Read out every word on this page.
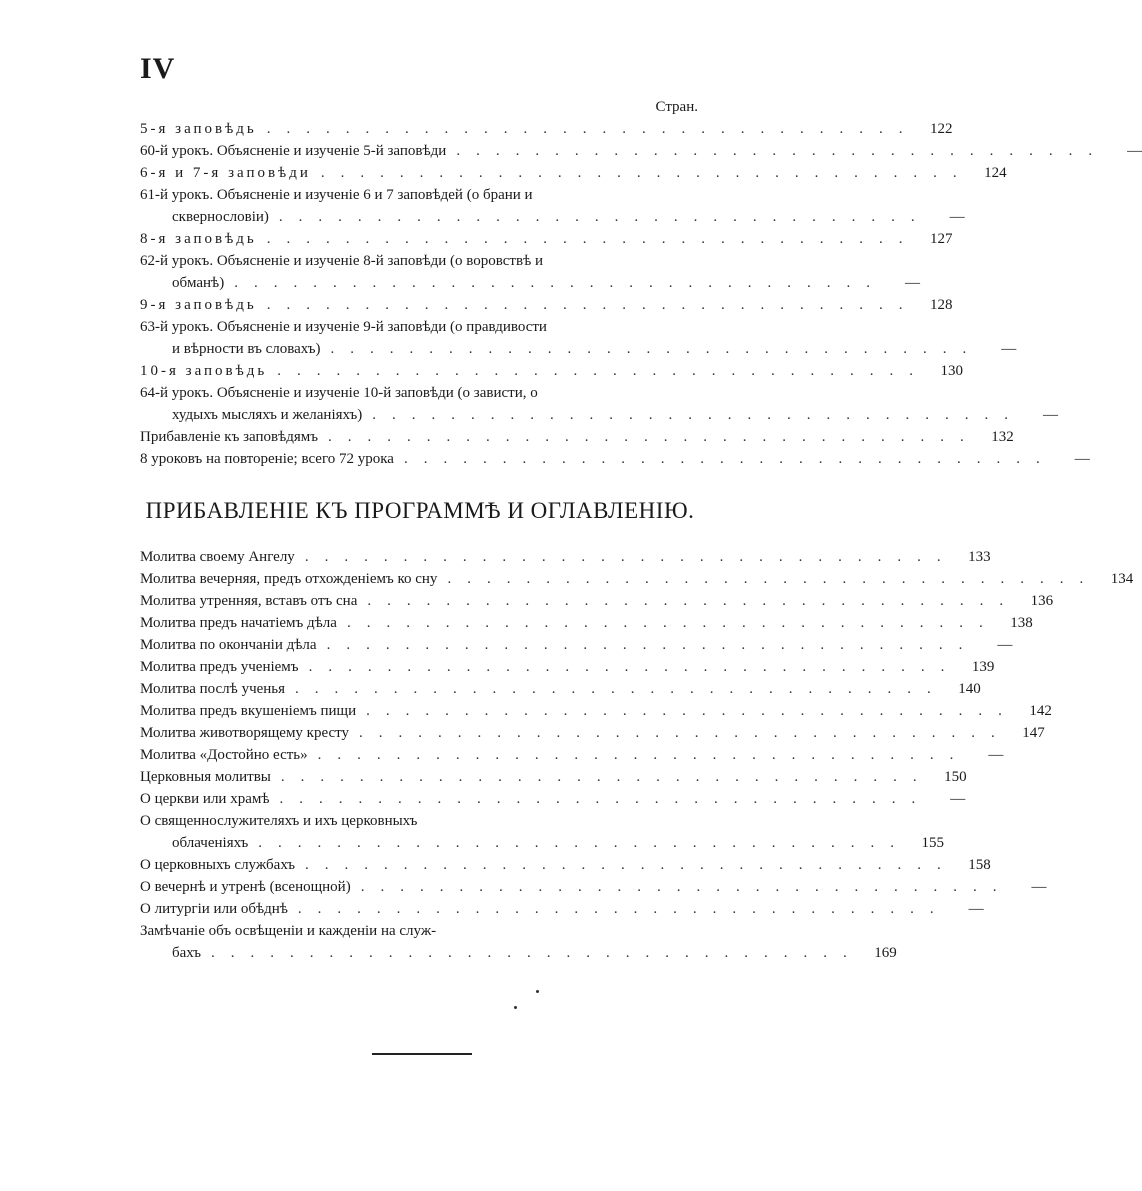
IV
Стран.
5-я заповѣдь ................................. 122
60-й урокъ. Объясненіе и изученіе 5-й заповѣди .................................	—
6-я и 7-я заповѣди ................................. 124
61-й урокъ. Объясненіе и изученіе 6 и 7 заповѣдей (о брани и
сквернословіи) .................................	—
8-я заповѣдь ................................. 127
62-й урокъ. Объясненіе и изученіе 8-й заповѣди (о воровствѣ и
обманѣ) .................................	—
9-я заповѣдь ................................. 128
63-й урокъ. Объясненіе и изученіе 9-й заповѣди (о правдивости
и вѣрности въ словахъ) .................................	—
10-я заповѣдь ................................. 130
64-й урокъ. Объясненіе и изученіе 10-й заповѣди (о зависти, о
худыхъ мысляхъ и желаніяхъ) .................................	—
Прибавленіе къ заповѣдямъ ................................. 132
8 уроковъ на повтореніе; всего 72 урока .................................	—
ПРИБАВЛЕНІЕ КЪ ПРОГРАММѢ И ОГЛАВЛЕНІЮ.
Молитва своему Ангелу ................................. 133
Молитва вечерняя, предъ отхожденіемъ ко сну ................................. 134
Молитва утренняя, вставъ отъ сна ................................. 136
Молитва предъ начатіемъ дѣла ................................. 138
Молитва по окончаніи дѣла .................................	—
Молитва предъ ученіемъ ................................. 139
Молитва послѣ ученья ................................. 140
Молитва предъ вкушеніемъ пищи ................................. 142
Молитва животворящему кресту ................................. 147
Молитва «Достойно есть» .................................	—
Церковныя молитвы ................................. 150
О церкви или храмѣ .................................	—
О священнослужителяхъ и ихъ церковныхъ
облаченіяхъ ................................. 155
О церковныхъ службахъ ................................. 158
О вечернѣ и утренѣ (всенощной) .................................	—
О литургіи или обѣднѣ .................................	—
Замѣчаніе объ освѣщеніи и кажденіи на служ-
бахъ ................................. 169
